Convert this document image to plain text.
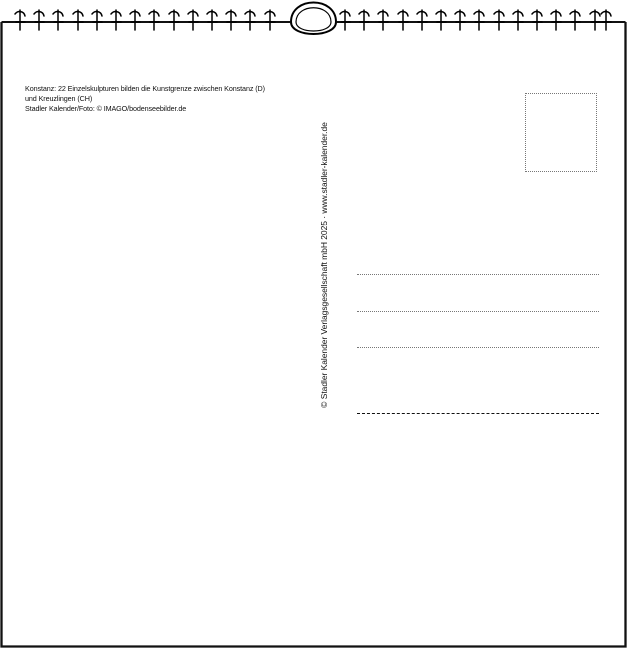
Konstanz: 22 Einzelskulpturen bilden die Kunstgrenze zwischen Konstanz (D)
und Kreuzlingen (CH)
Stadler Kalender/Foto: © IMAGO/bodenseebilder.de
© Stadler Kalender Verlagsgesellschaft mbH 2025 · www.stadler-kalender.de
